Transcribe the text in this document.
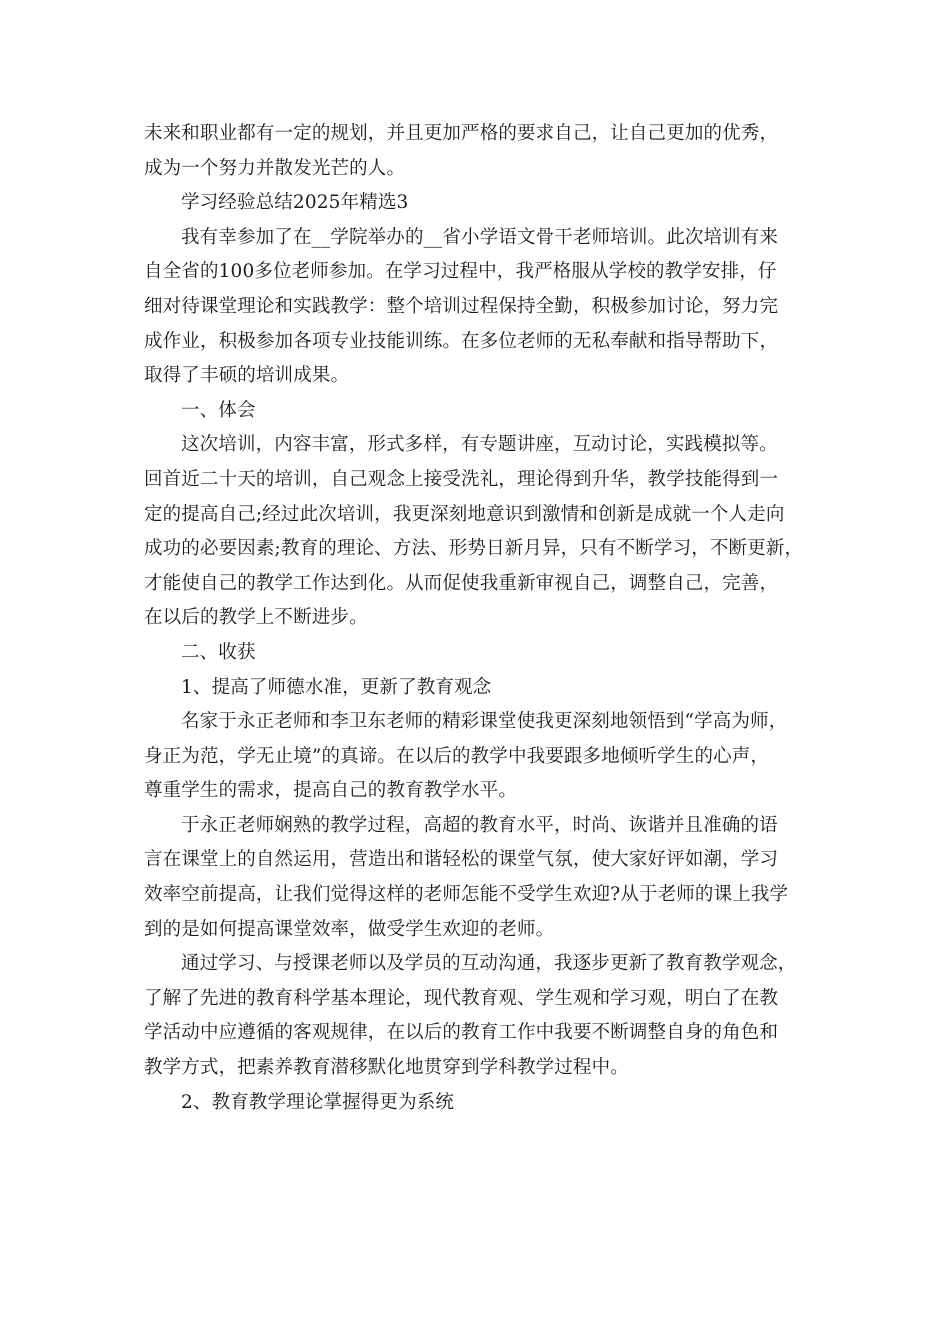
未来和职业都有一定的规划，并且更加严格的要求自己，让自己更加的优秀，
成为一个努力并散发光芒的人。
学习经验总结2025年精选3
我有幸参加了在__学院举办的__省小学语文骨干老师培训。此次培训有来
自全省的100多位老师参加。在学习过程中，我严格服从学校的教学安排，仔
细对待课堂理论和实践教学：整个培训过程保持全勤，积极参加讨论，努力完
成作业，积极参加各项专业技能训练。在多位老师的无私奉献和指导帮助下，
取得了丰硕的培训成果。
一、体会
这次培训，内容丰富，形式多样，有专题讲座，互动讨论，实践模拟等。
回首近二十天的培训，自己观念上接受洗礼，理论得到升华，教学技能得到一
定的提高自己;经过此次培训，我更深刻地意识到激情和创新是成就一个人走向
成功的必要因素;教育的理论、方法、形势日新月异，只有不断学习，不断更新，
才能使自己的教学工作达到化。从而促使我重新审视自己，调整自己，完善，
在以后的教学上不断进步。
二、收获
1、提高了师德水准，更新了教育观念
名家于永正老师和李卫东老师的精彩课堂使我更深刻地领悟到“学高为师，
身正为范，学无止境”的真谛。在以后的教学中我要跟多地倾听学生的心声，
尊重学生的需求，提高自己的教育教学水平。
于永正老师娴熟的教学过程，高超的教育水平，时尚、诙谐并且准确的语
言在课堂上的自然运用，营造出和谐轻松的课堂气氛，使大家好评如潮，学习
效率空前提高，让我们觉得这样的老师怎能不受学生欢迎?从于老师的课上我学
到的是如何提高课堂效率，做受学生欢迎的老师。
通过学习、与授课老师以及学员的互动沟通，我逐步更新了教育教学观念，
了解了先进的教育科学基本理论，现代教育观、学生观和学习观，明白了在教
学活动中应遵循的客观规律，在以后的教育工作中我要不断调整自身的角色和
教学方式，把素养教育潜移默化地贯穿到学科教学过程中。
2、教育教学理论掌握得更为系统
